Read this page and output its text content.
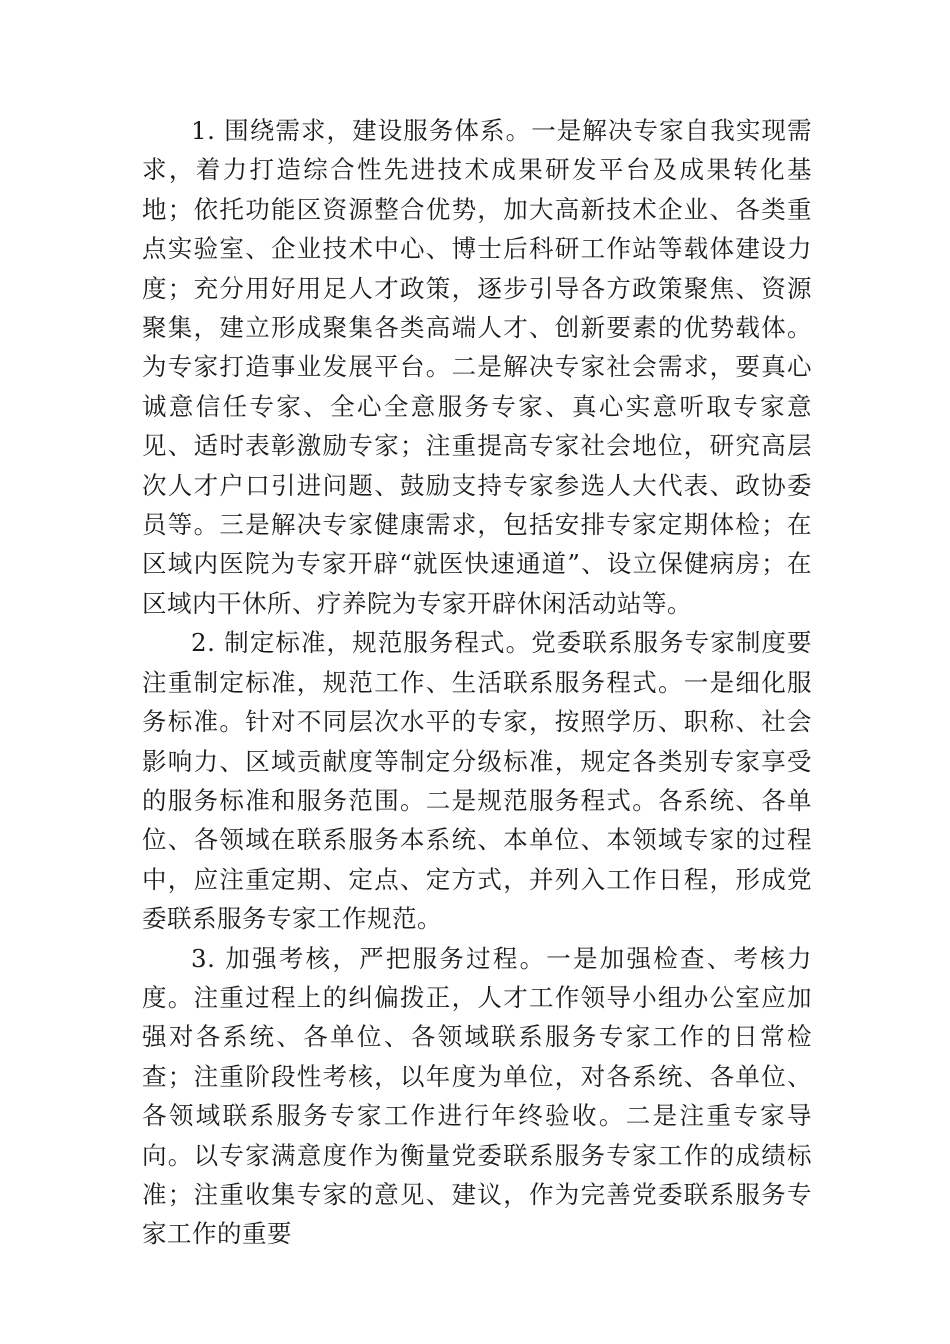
1. 围绕需求，建设服务体系。一是解决专家自我实现需求，着力打造综合性先进技术成果研发平台及成果转化基地；依托功能区资源整合优势，加大高新技术企业、各类重点实验室、企业技术中心、博士后科研工作站等载体建设力度；充分用好用足人才政策，逐步引导各方政策聚焦、资源聚集，建立形成聚集各类高端人才、创新要素的优势载体。为专家打造事业发展平台。二是解决专家社会需求，要真心诚意信任专家、全心全意服务专家、真心实意听取专家意见、适时表彰激励专家；注重提高专家社会地位，研究高层次人才户口引进问题、鼓励支持专家参选人大代表、政协委员等。三是解决专家健康需求，包括安排专家定期体检；在区域内医院为专家开辟“就医快速通道”、设立保健病房；在区域内干休所、疗养院为专家开辟休闲活动站等。

2. 制定标准，规范服务程式。党委联系服务专家制度要注重制定标准，规范工作、生活联系服务程式。一是细化服务标准。针对不同层次水平的专家，按照学历、职称、社会影响力、区域贡献度等制定分级标准，规定各类别专家享受的服务标准和服务范围。二是规范服务程式。各系统、各单位、各领域在联系服务本系统、本单位、本领域专家的过程中，应注重定期、定点、定方式，并列入工作日程，形成党委联系服务专家工作规范。

3. 加强考核，严把服务过程。一是加强检查、考核力度。注重过程上的纠偏拨正，人才工作领导小组办公室应加强对各系统、各单位、各领域联系服务专家工作的日常检查；注重阶段性考核，以年度为单位，对各系统、各单位、各领域联系服务专家工作进行年终验收。二是注重专家导向。以专家满意度作为衡量党委联系服务专家工作的成绩标准；注重收集专家的意见、建议，作为完善党委联系服务专家工作的重要
